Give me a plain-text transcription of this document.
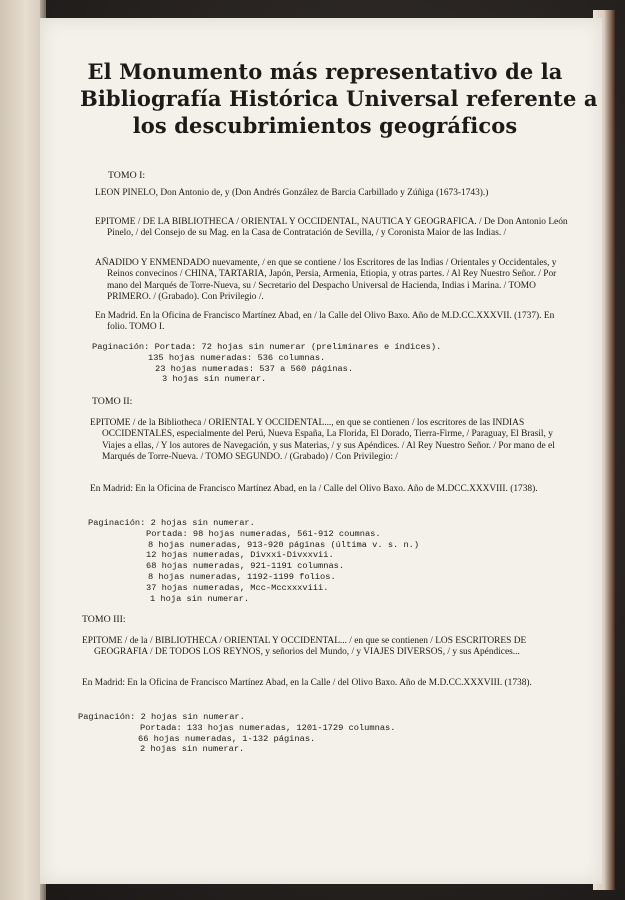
El Monumento más representativo de la
Bibliografía Histórica Universal referente a
los descubrimientos geográficos
TOMO I:
LEON PINELO, Don Antonio de, y (Don Andrés González de Barcia Carbillado y Zúñiga (1673-1743).)
EPITOME / DE LA BIBLIOTHECA / ORIENTAL Y OCCIDENTAL, NAUTICA Y GEOGRAFICA. / De Don Antonio León Pinelo, / del Consejo de su Mag. en la Casa de Contratación de Sevilla, / y Coronista Maior de las Indias. /
AÑADIDO Y ENMENDADO nuevamente, / en que se contiene / los Escritores de las Indias / Orientales y Occidentales, y Reinos convecinos / CHINA, TARTARIA, Japón, Persia, Armenia, Etiopia, y otras partes. / Al Rey Nuestro Señor. / Por mano del Marqués de Torre-Nueva, su / Secretario del Despacho Universal de Hacienda, Indias i Marina. / TOMO PRIMERO. / (Grabado). Con Privilegio /.
En Madrid. En la Oficina de Francisco Martínez Abad, en / la Calle del Olivo Baxo. Año de M.D.CC.XXXVII. (1737). En folio. TOMO I.
Paginación: Portada: 72 hojas sin numerar (preliminares e índices).
135 hojas numeradas: 536 columnas.
23 hojas numeradas: 537 a 560 páginas.
3 hojas sin numerar.
TOMO II:
EPITOME / de la Bibliotheca / ORIENTAL Y OCCIDENTAL..., en que se contienen / los escritores de las INDIAS OCCIDENTALES, especialmente del Perú, Nueva España, La Florida, El Dorado, Tierra-Firme, / Paraguay, El Brasil, y Viajes a ellas, / Y los autores de Navegación, y sus Materias, / y sus Apéndices. / Al Rey Nuestro Señor. / Por mano de el Marqués de Torre-Nueva. / TOMO SEGUNDO. / (Grabado) / Con Privilegio: /
En Madrid: En la Oficina de Francisco Martínez Abad, en la / Calle del Olivo Baxo. Año de M.DCC.XXXVIII. (1738).
Paginación: 2 hojas sin numerar.
Portada: 98 hojas numeradas, 561-912 coumnas.
8 hojas numeradas, 913-920 páginas (última v. s. n.)
12 hojas numeradas, Divxxi-Divxxvii.
68 hojas numeradas, 921-1191 columnas.
8 hojas numeradas, 1192-1199 folios.
37 hojas numeradas, Mcc-Mccxxxviii.
1 hoja sin numerar.
TOMO III:
EPITOME / de la / BIBLIOTHECA / ORIENTAL Y OCCIDENTAL... / en que se contienen / LOS ESCRITORES DE GEOGRAFIA / DE TODOS LOS REYNOS, y señorios del Mundo, / y VIAJES DIVERSOS, / y sus Apéndices...
En Madrid: En la Oficina de Francisco Martínez Abad, en la Calle / del Olivo Baxo. Año de M.D.CC.XXXVIII. (1738).
Paginación: 2 hojas sin numerar.
Portada: 133 hojas numeradas, 1201-1729 columnas.
66 hojas numeradas, 1-132 páginas.
2 hojas sin numerar.
